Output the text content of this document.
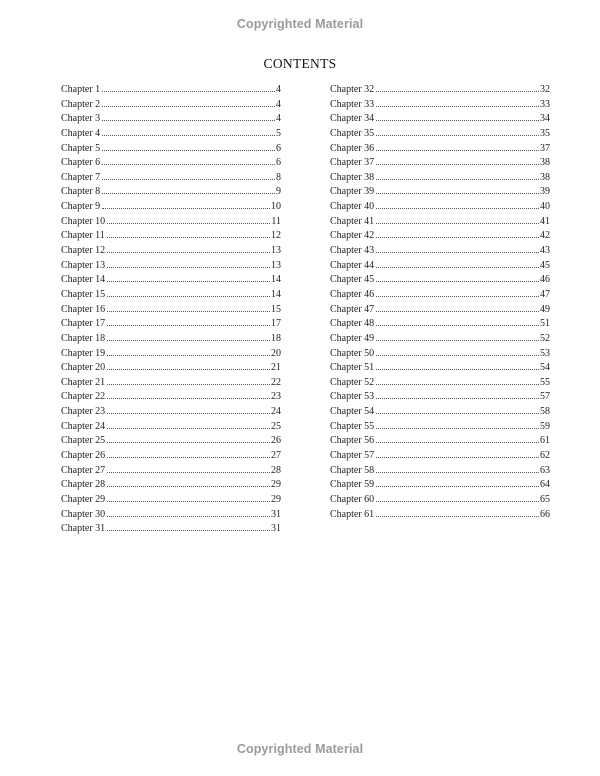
Copyrighted Material
CONTENTS
Chapter 1	4
Chapter 2	4
Chapter 3	4
Chapter 4	5
Chapter 5	6
Chapter 6	6
Chapter 7	8
Chapter 8	9
Chapter 9	10
Chapter 10	11
Chapter 11	12
Chapter 12	13
Chapter 13	13
Chapter 14	14
Chapter 15	14
Chapter 16	15
Chapter 17	17
Chapter 18	18
Chapter 19	20
Chapter 20	21
Chapter 21	22
Chapter 22	23
Chapter 23	24
Chapter 24	25
Chapter 25	26
Chapter 26	27
Chapter 27	28
Chapter 28	29
Chapter 29	29
Chapter 30	31
Chapter 31	31
Chapter 32	32
Chapter 33	33
Chapter 34	34
Chapter 35	35
Chapter 36	37
Chapter 37	38
Chapter 38	38
Chapter 39	39
Chapter 40	40
Chapter 41	41
Chapter 42	42
Chapter 43	43
Chapter 44	45
Chapter 45	46
Chapter 46	47
Chapter 47	49
Chapter 48	51
Chapter 49	52
Chapter 50	53
Chapter 51	54
Chapter 52	55
Chapter 53	57
Chapter 54	58
Chapter 55	59
Chapter 56	61
Chapter 57	62
Chapter 58	63
Chapter 59	64
Chapter 60	65
Chapter 61	66
Copyrighted Material
